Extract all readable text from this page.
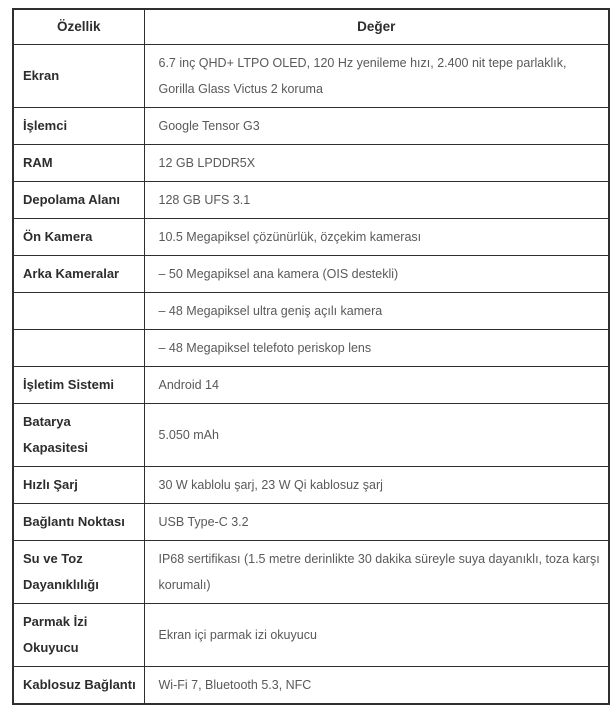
Özellik	Değer
Ekran	6.7 inç QHD+ LTPO OLED, 120 Hz yenileme hızı, 2.400 nit tepe parlaklık, Gorilla Glass Victus 2 koruma
İşlemci	Google Tensor G3
RAM	12 GB LPDDR5X
Depolama Alanı	128 GB UFS 3.1
Ön Kamera	10.5 Megapiksel çözünürlük, özçekim kamerası
Arka Kameralar	– 50 Megapiksel ana kamera (OIS destekli)
	– 48 Megapiksel ultra geniş açılı kamera
	– 48 Megapiksel telefoto periskop lens
İşletim Sistemi	Android 14
Batarya Kapasitesi	5.050 mAh
Hızlı Şarj	30 W kablolu şarj, 23 W Qi kablosuz şarj
Bağlantı Noktası	USB Type-C 3.2
Su ve Toz Dayanıklılığı	IP68 sertifikası (1.5 metre derinlikte 30 dakika süreyle suya dayanıklı, toza karşı korumalı)
Parmak İzi Okuyucu	Ekran içi parmak izi okuyucu
Kablosuz Bağlantı	Wi-Fi 7, Bluetooth 5.3, NFC
